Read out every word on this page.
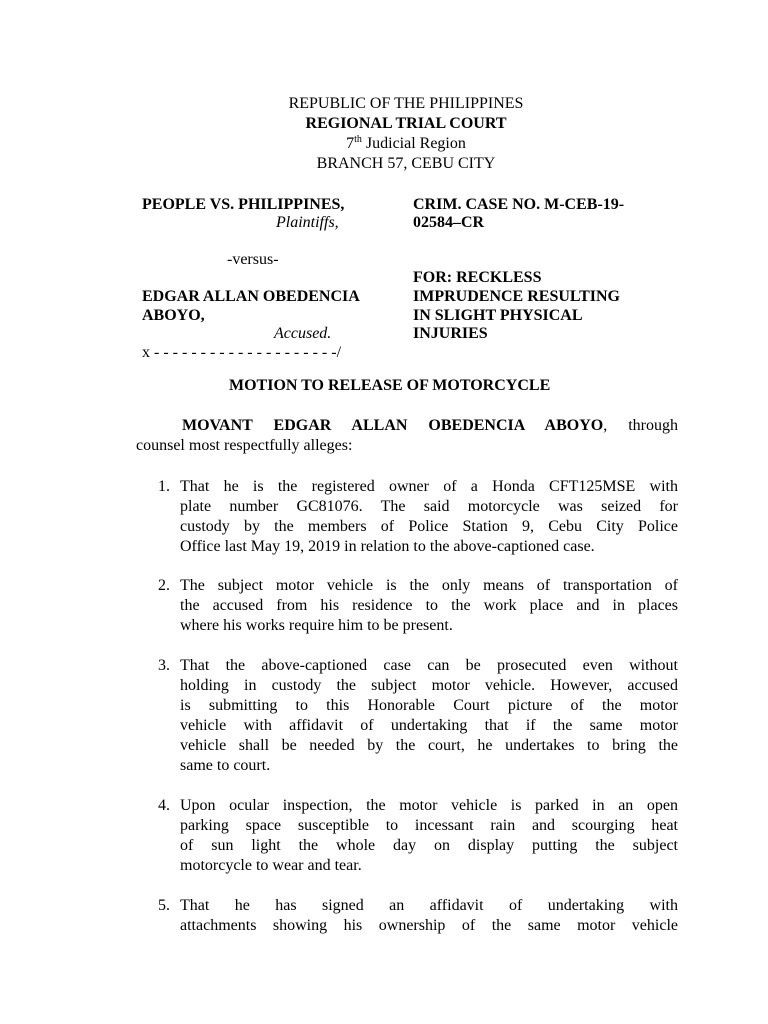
REPUBLIC OF THE PHILIPPINES
REGIONAL TRIAL COURT
7th Judicial Region
BRANCH 57, CEBU CITY
PEOPLE VS. PHILIPPINES,
Plaintiffs,
-versus-
EDGAR ALLAN OBEDENCIA
ABOYO,
Accused.
x - - - - - - - - - - - - - - - - - - - -/
CRIM. CASE NO. M-CEB-19-
02584–CR
FOR: RECKLESS
IMPRUDENCE RESULTING
IN SLIGHT PHYSICAL
INJURIES
MOTION TO RELEASE OF MOTORCYCLE
MOVANT EDGAR ALLAN OBEDENCIA ABOYO, through
counsel most respectfully alleges:
1. That he is the registered owner of a Honda CFT125MSE with
plate number GC81076. The said motorcycle was seized for
custody by the members of Police Station 9, Cebu City Police
Office last May 19, 2019 in relation to the above-captioned case.
2. The subject motor vehicle is the only means of transportation of
the accused from his residence to the work place and in places
where his works require him to be present.
3. That the above-captioned case can be prosecuted even without
holding in custody the subject motor vehicle. However, accused
is submitting to this Honorable Court picture of the motor
vehicle with affidavit of undertaking that if the same motor
vehicle shall be needed by the court, he undertakes to bring the
same to court.
4. Upon ocular inspection, the motor vehicle is parked in an open
parking space susceptible to incessant rain and scourging heat
of sun light the whole day on display putting the subject
motorcycle to wear and tear.
5. That he has signed an affidavit of undertaking with
attachments showing his ownership of the same motor vehicle
